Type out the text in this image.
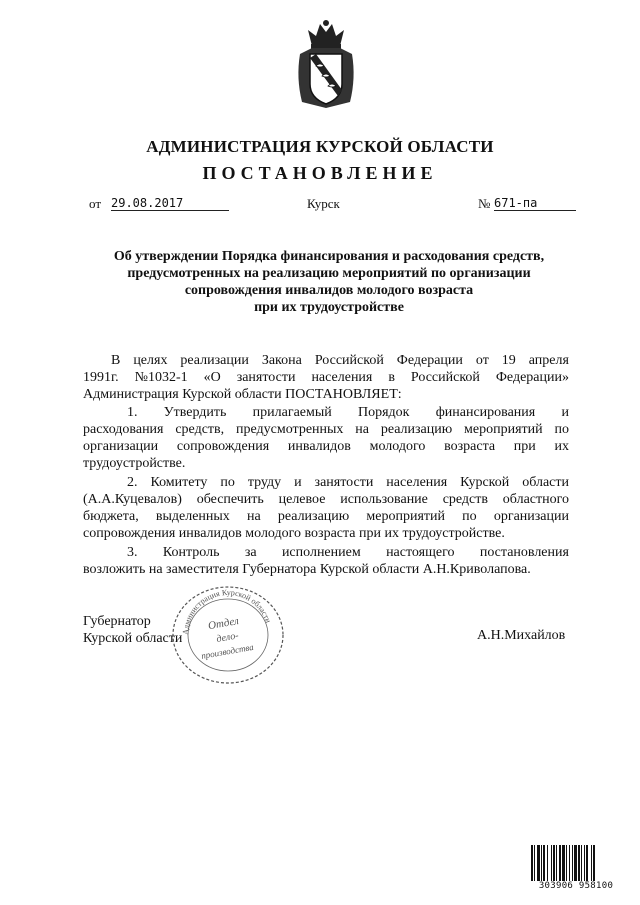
АДМИНИСТРАЦИЯ КУРСКОЙ ОБЛАСТИ
ПОСТАНОВЛЕНИЕ
от 29.08.2017	Курск	№ 671-па
Об утверждении Порядка финансирования и расходования средств,
предусмотренных на реализацию мероприятий по организации
сопровождения инвалидов молодого возраста
при их трудоустройстве
В целях реализации Закона Российской Федерации от 19 апреля
1991г. №1032-1 «О занятости населения в Российской Федерации»
Администрация Курской области ПОСТАНОВЛЯЕТ:
1. Утвердить прилагаемый Порядок финансирования и
расходования средств, предусмотренных на реализацию мероприятий по
организации сопровождения инвалидов молодого возраста при их
трудоустройстве.
2. Комитету по труду и занятости населения Курской области
(А.А.Куцевалов) обеспечить целевое использование средств областного
бюджета, выделенных на реализацию мероприятий по организации
сопровождения инвалидов молодого возраста при их трудоустройстве.
3. Контроль за исполнением настоящего постановления
возложить на заместителя Губернатора Курской области А.Н.Криволапова.
Губернатор
Курской области	А.Н.Михайлов
Администрация Курской области
Отдел
дело-
производства
303906 958100
